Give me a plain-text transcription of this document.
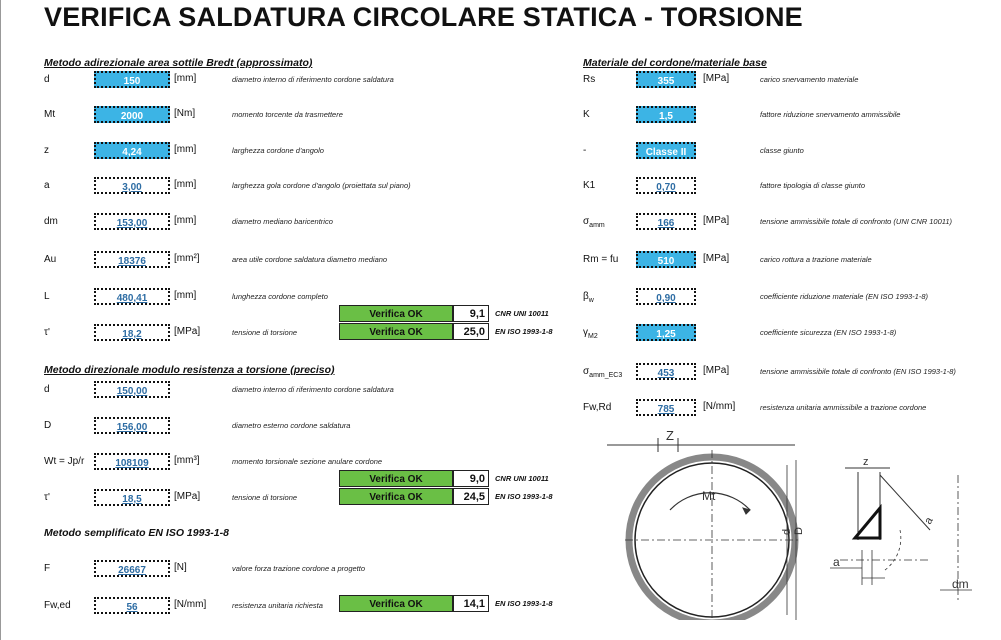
VERIFICA SALDATURA CIRCOLARE STATICA - TORSIONE
Metodo adirezionale area sottile Bredt (approssimato)	Materiale del cordone/materiale base
Metodo direzionale modulo resistenza a torsione (preciso)
Metodo semplificato EN ISO 1993-1-8
d	150	[mm]	diametro interno di riferimento cordone saldatura
Mt	2000	[Nm]	momento torcente da trasmettere
z	4,24	[mm]	larghezza cordone d'angolo
a	3,00	[mm]	larghezza gola cordone d'angolo (proiettata sul piano)
dm	153,00	[mm]	diametro mediano baricentrico
Au	18376	[mm²]	area utile cordone saldatura diametro mediano
L	480,41	[mm]	lunghezza cordone completo
τ'	18,2	[MPa]	tensione di torsione
Rs	355	[MPa]	carico snervamento materiale
K	1,5	fattore riduzione snervamento ammissibile
-	Classe II	classe giunto
K1	0,70	fattore tipologia di classe giunto
$\sigma_{amm}$	166	[MPa]	tensione ammissibile totale di confronto (UNI CNR 10011)
Rm = fu	510	[MPa]	carico rottura a trazione materiale
$\beta_w$	0,90	coefficiente riduzione materiale (EN ISO 1993-1-8)
$\gamma_{M2}$	1,25	coefficiente sicurezza (EN ISO 1993-1-8)
$\sigma_{amm\_EC3}$	453	[MPa]	tensione ammissibile totale di confronto (EN ISO 1993-1-8)
Fw,Rd	785	[N/mm]	resistenza unitaria ammissibile a trazione cordone
d	150,00	diametro interno di riferimento cordone saldatura
D	156,00	diametro esterno cordone saldatura
Wt = Jp/r	108109	[mm³]	momento torsionale sezione anulare cordone
τ'	18,5	[MPa]	tensione di torsione
F	26667	[N]	valore forza trazione cordone a progetto
Fw,ed	56	[N/mm]	resistenza unitaria richiesta
Verifica OK	9,1	CNR UNI 10011
Verifica OK	25,0	EN ISO 1993-1-8
Verifica OK	9,0	CNR UNI 10011
Verifica OK	24,5	EN ISO 1993-1-8
Verifica OK	14,1	EN ISO 1993-1-8
Z
Mt
d D
z
a
a
dm
